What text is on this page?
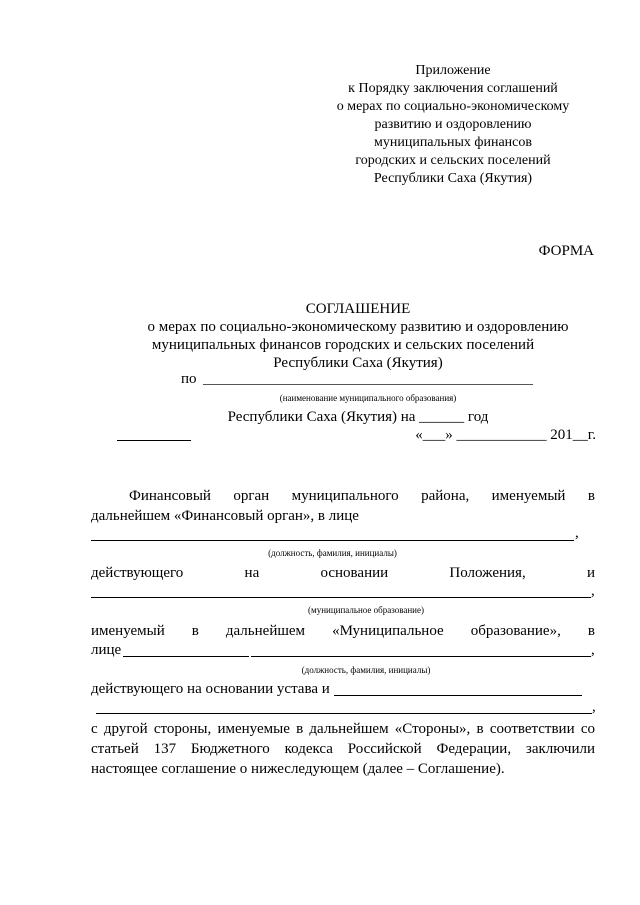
Приложение
к Порядку заключения соглашений
о мерах по социально-экономическому
развитию и оздоровлению
муниципальных финансов
городских и сельских поселений
Республики Саха (Якутия)
ФОРМА
СОГЛАШЕНИЕ
о мерах по социально-экономическому развитию и оздоровлению
муниципальных финансов городских и сельских поселений
Республики Саха (Якутия)
по
(наименование муниципального образования)
Республики Саха (Якутия) на ______ год
«___» ____________ 201__г.
Финансовый орган муниципального района, именуемый в
дальнейшем «Финансовый орган», в лице
,
(должность, фамилия, инициалы)
действующего	на	основании	Положения,	и
,
(муниципальное образование)
именуемый в дальнейшем «Муниципальное образование», в
лице	,
(должность, фамилия, инициалы)
действующего на основании устава и
,
с другой стороны, именуемые в дальнейшем «Стороны», в соответствии со статьей 137 Бюджетного кодекса Российской Федерации, заключили настоящее соглашение о нижеследующем (далее – Соглашение).
